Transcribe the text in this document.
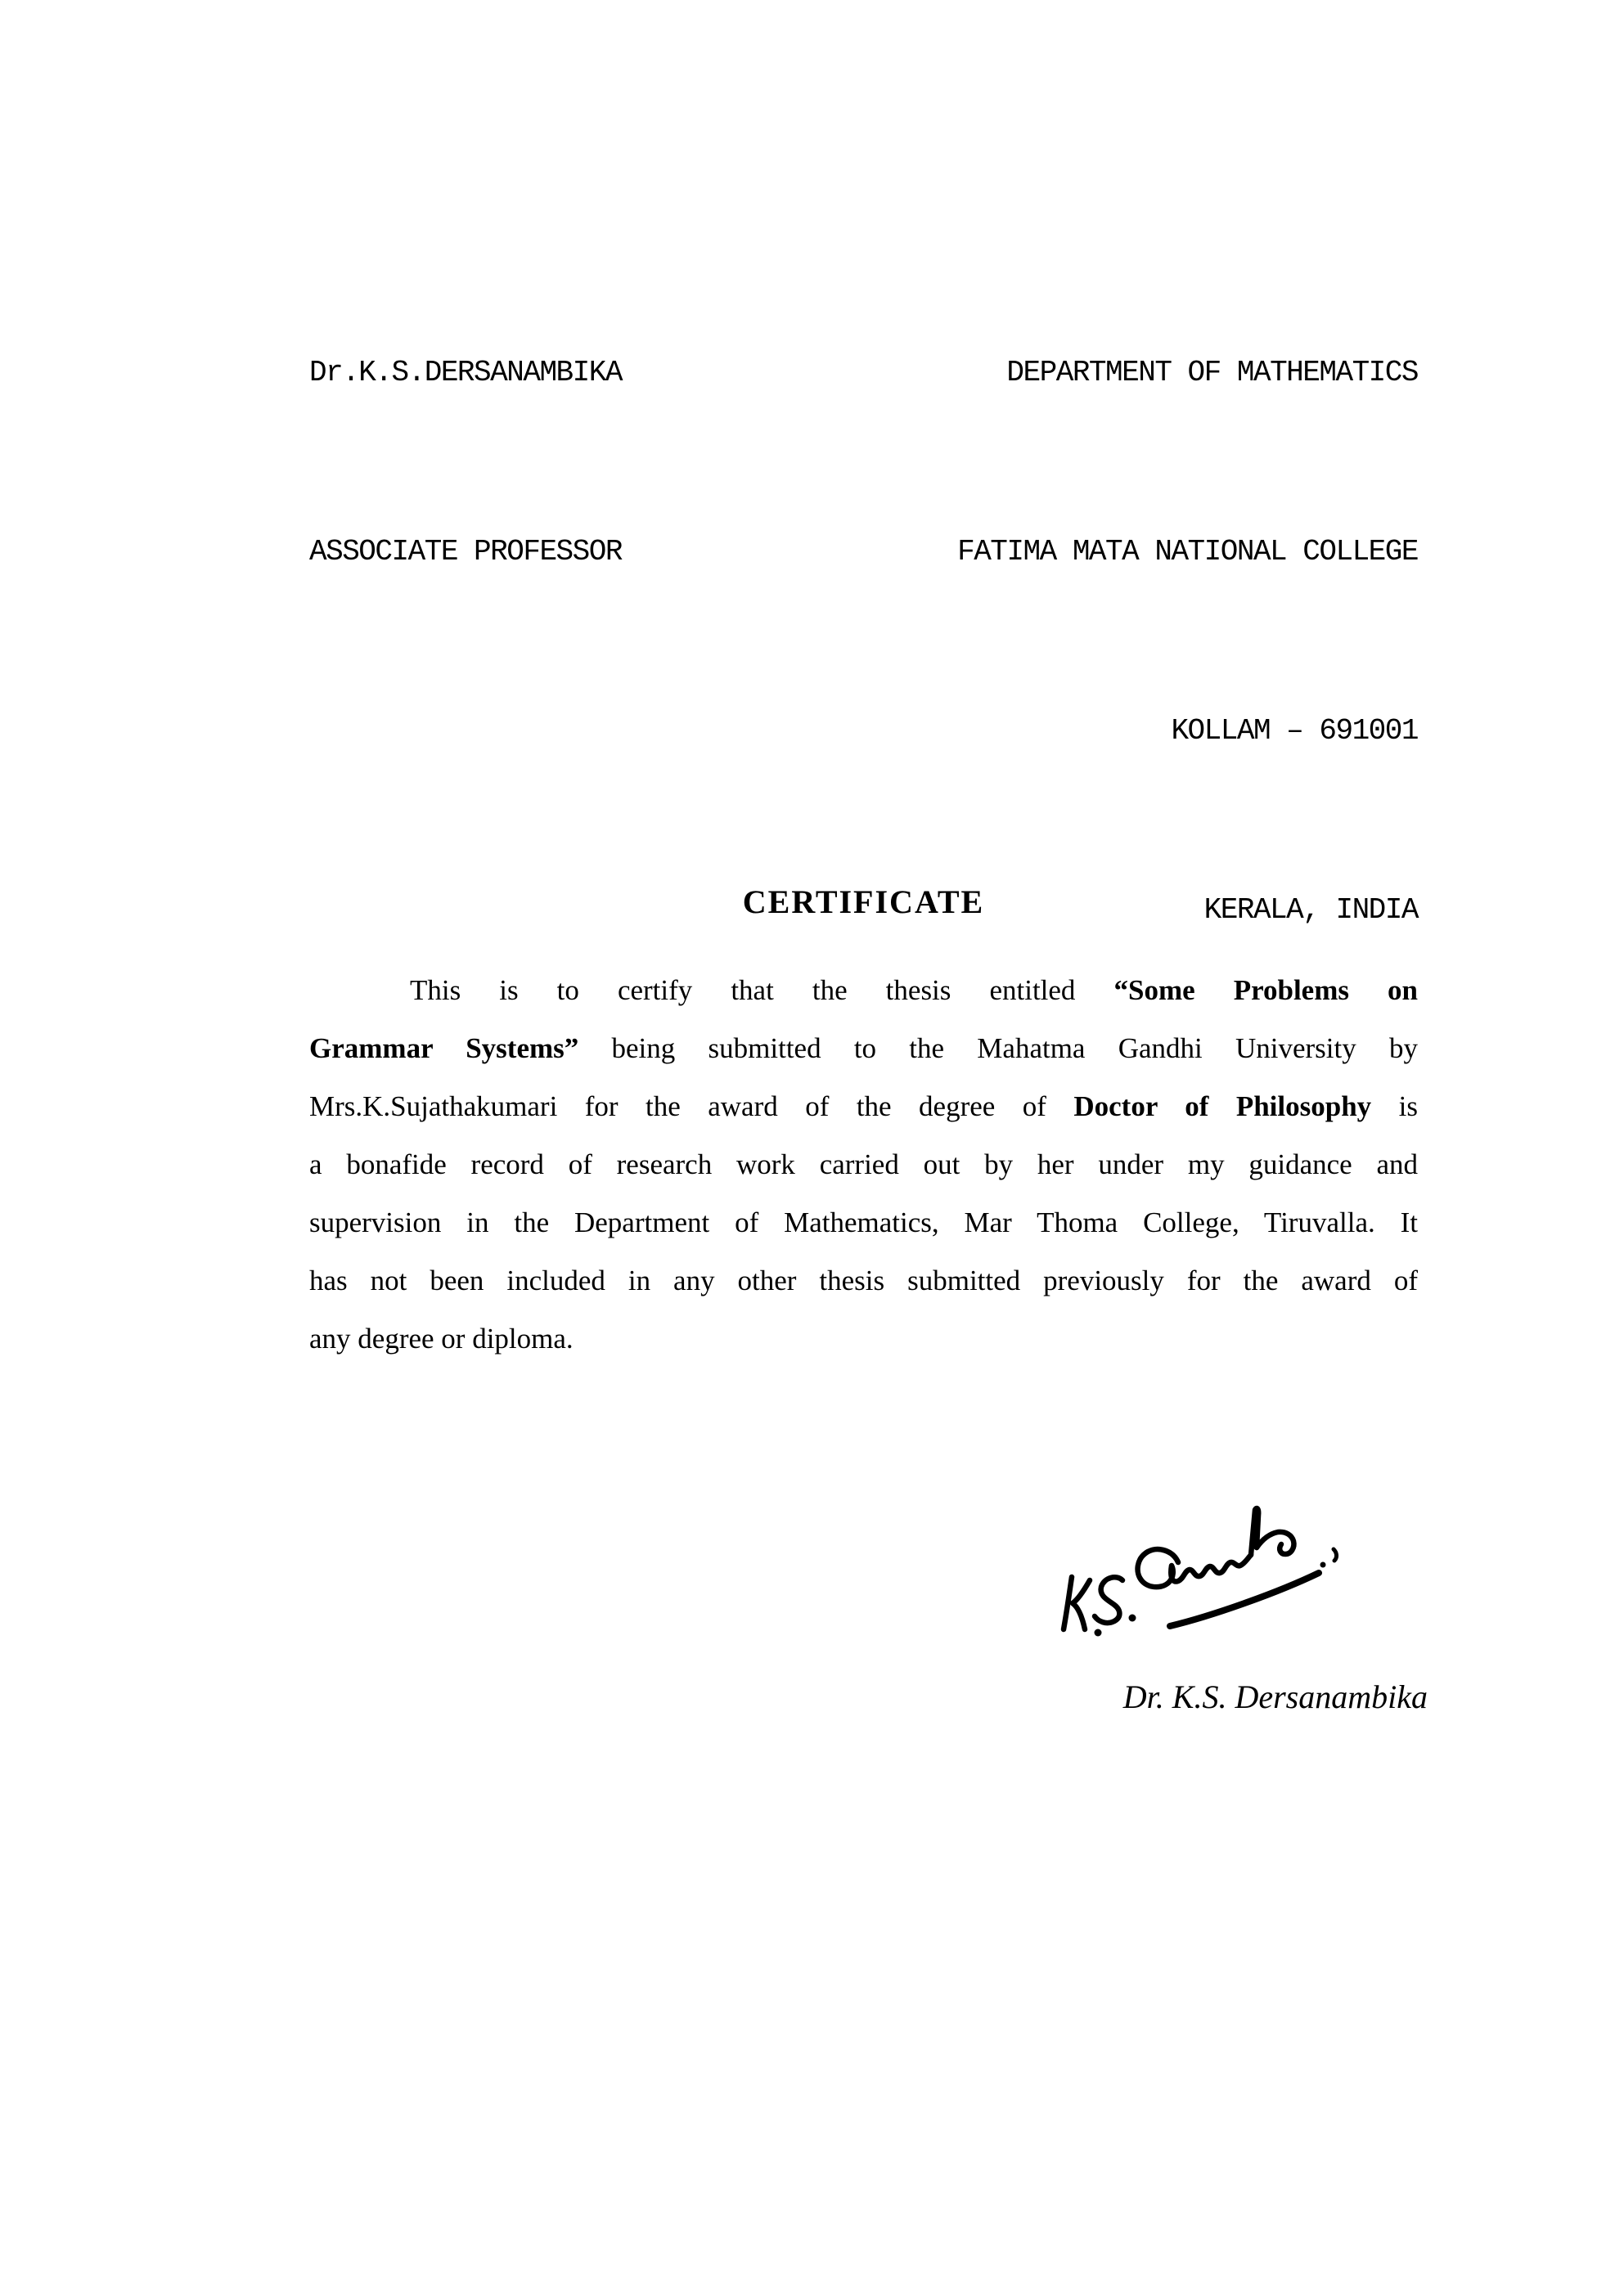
Dr.K.S.DERSANAMBIKA

ASSOCIATE PROFESSOR

DEPARTMENT OF MATHEMATICS

FATIMA MATA NATIONAL COLLEGE

KOLLAM – 691001

KERALA, INDIA

CERTIFICATE
This is to certify that the thesis entitled “Some Problems on
Grammar Systems” being submitted to the Mahatma Gandhi University by
Mrs.K.Sujathakumari for the award of the degree of Doctor of Philosophy is
a bonafide record of research work carried out by her under my guidance and
supervision in the Department of Mathematics, Mar Thoma College, Tiruvalla. It
has not been included in any other thesis submitted previously for the award of
any degree or diploma.
Dr. K.S. Dersanambika
